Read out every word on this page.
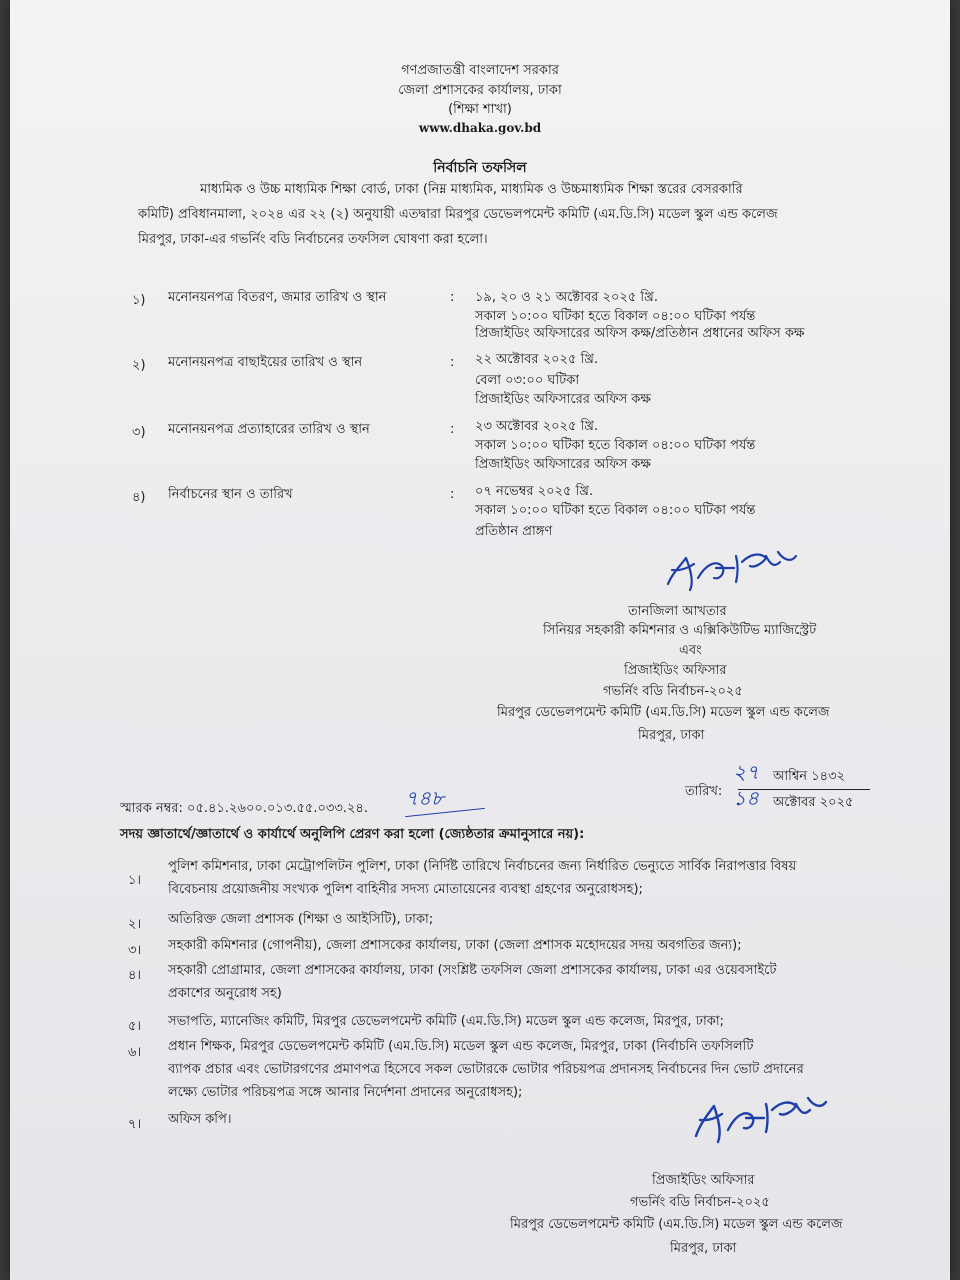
গণপ্রজাতন্ত্রী বাংলাদেশ সরকার
জেলা প্রশাসকের কার্যালয়, ঢাকা
(শিক্ষা শাখা)
www.dhaka.gov.bd
নির্বাচনি তফসিল
মাধ্যমিক ও উচ্চ মাধ্যমিক শিক্ষা বোর্ড, ঢাকা (নিম্ন মাধ্যমিক, মাধ্যমিক ও উচ্চমাধ্যমিক শিক্ষা স্তরের বেসরকারি
কমিটি) প্রবিধানমালা, ২০২৪ এর ২২ (২) অনুযায়ী এতদ্বারা মিরপুর ডেভেলপমেন্ট কমিটি (এম.ডি.সি) মডেল স্কুল এন্ড কলেজ
মিরপুর, ঢাকা-এর গভর্নিং বডি নির্বাচনের তফসিল ঘোষণা করা হলো।
১) মনোনয়নপত্র বিতরণ, জমার তারিখ ও স্থান	: ১৯, ২০ ও ২১ অক্টোবর ২০২৫ খ্রি.
সকাল ১০:০০ ঘটিকা হতে বিকাল ০৪:০০ ঘটিকা পর্যন্ত
প্রিজাইডিং অফিসারের অফিস কক্ষ/প্রতিষ্ঠান প্রধানের অফিস কক্ষ
২) মনোনয়নপত্র বাছাইয়ের তারিখ ও স্থান	: ২২ অক্টোবর ২০২৫ খ্রি.
বেলা ০৩:০০ ঘটিকা
প্রিজাইডিং অফিসারের অফিস কক্ষ
৩) মনোনয়নপত্র প্রত্যাহারের তারিখ ও স্থান	: ২৩ অক্টোবর ২০২৫ খ্রি.
সকাল ১০:০০ ঘটিকা হতে বিকাল ০৪:০০ ঘটিকা পর্যন্ত
প্রিজাইডিং অফিসারের অফিস কক্ষ
৪) নির্বাচনের স্থান ও তারিখ	: ০৭ নভেম্বর ২০২৫ খ্রি.
সকাল ১০:০০ ঘটিকা হতে বিকাল ০৪:০০ ঘটিকা পর্যন্ত
প্রতিষ্ঠান প্রাঙ্গণ
তানজিলা আখতার
সিনিয়র সহকারী কমিশনার ও এক্সিকিউটিভ ম্যাজিস্ট্রেট
এবং
প্রিজাইডিং অফিসার
গভর্নিং বডি নির্বাচন-২০২৫
মিরপুর ডেভেলপমেন্ট কমিটি (এম.ডি.সি) মডেল স্কুল এন্ড কলেজ
মিরপুর, ঢাকা
তারিখ:
২৭ আশ্বিন ১৪৩২
১৪ অক্টোবর ২০২৫
স্মারক নম্বর: ০৫.৪১.২৬০০.০১৩.৫৫.০৩৩.২৪. ৭৪৮
সদয় জ্ঞাতার্থে/জ্ঞাতার্থে ও কার্যার্থে অনুলিপি প্রেরণ করা হলো (জ্যেষ্ঠতার ক্রমানুসারে নয়):
১।
পুলিশ কমিশনার, ঢাকা মেট্রোপলিটন পুলিশ, ঢাকা (নির্দিষ্ট তারিখে নির্বাচনের জন্য নির্ধারিত ভেন্যুতে সার্বিক নিরাপত্তার বিষয়
বিবেচনায় প্রয়োজনীয় সংখ্যক পুলিশ বাহিনীর সদস্য মোতায়েনের ব্যবস্থা গ্রহণের অনুরোধসহ);
২। অতিরিক্ত জেলা প্রশাসক (শিক্ষা ও আইসিটি), ঢাকা;
৩। সহকারী কমিশনার (গোপনীয়), জেলা প্রশাসকের কার্যালয়, ঢাকা (জেলা প্রশাসক মহোদয়ের সদয় অবগতির জন্য);
৪। সহকারী প্রোগ্রামার, জেলা প্রশাসকের কার্যালয়, ঢাকা (সংশ্লিষ্ট তফসিল জেলা প্রশাসকের কার্যালয়, ঢাকা এর ওয়েবসাইটে
প্রকাশের অনুরোধ সহ)
৫। সভাপতি, ম্যানেজিং কমিটি, মিরপুর ডেভেলপমেন্ট কমিটি (এম.ডি.সি) মডেল স্কুল এন্ড কলেজ, মিরপুর, ঢাকা;
৬। প্রধান শিক্ষক, মিরপুর ডেভেলপমেন্ট কমিটি (এম.ডি.সি) মডেল স্কুল এন্ড কলেজ, মিরপুর, ঢাকা (নির্বাচনি তফসিলটি
ব্যাপক প্রচার এবং ভোটারগণের প্রমাণপত্র হিসেবে সকল ভোটারকে ভোটার পরিচয়পত্র প্রদানসহ নির্বাচনের দিন ভোট প্রদানের
লক্ষ্যে ভোটার পরিচয়পত্র সঙ্গে আনার নির্দেশনা প্রদানের অনুরোধসহ);
৭। অফিস কপি।
প্রিজাইডিং অফিসার
গভর্নিং বডি নির্বাচন-২০২৫
মিরপুর ডেভেলপমেন্ট কমিটি (এম.ডি.সি) মডেল স্কুল এন্ড কলেজ
মিরপুর, ঢাকা
